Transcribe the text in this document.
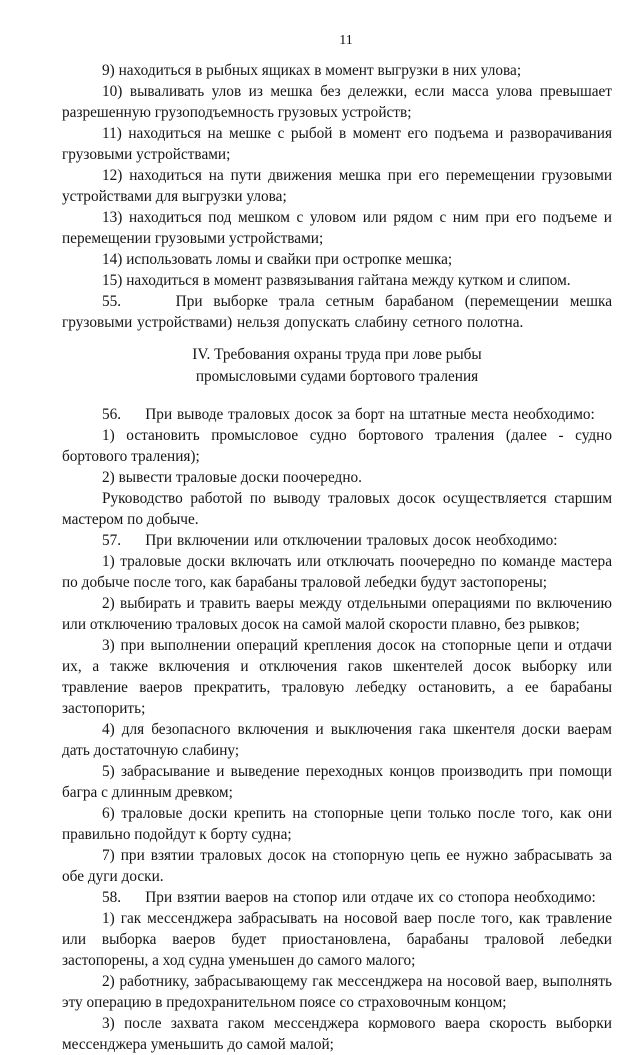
11

9) находиться в рыбных ящиках в момент выгрузки в них улова;

10) вываливать улов из мешка без дележки, если масса улова превышает разрешенную грузоподъемность грузовых устройств;

11) находиться на мешке с рыбой в момент его подъема и разворачивания грузовыми устройствами;

12) находиться на пути движения мешка при его перемещении грузовыми устройствами для выгрузки улова;

13) находиться под мешком с уловом или рядом с ним при его подъеме и перемещении грузовыми устройствами;

14) использовать ломы и свайки при остропке мешка;

15) находиться в момент развязывания гайтана между кутком и слипом.

55.     При выборке трала сетным барабаном (перемещении мешка грузовыми устройствами) нельзя допускать слабину сетного полотна.

IV. Требования охраны труда при лове рыбы
промысловыми судами бортового траления

56.     При выводе траловых досок за борт на штатные места необходимо:

1) остановить промысловое судно бортового траления (далее - судно бортового траления);

2) вывести траловые доски поочередно.

Руководство работой по выводу траловых досок осуществляется старшим мастером по добыче.

57.     При включении или отключении траловых досок необходимо:

1) траловые доски включать или отключать поочередно по команде мастера по добыче после того, как барабаны траловой лебедки будут застопорены;

2) выбирать и травить ваеры между отдельными операциями по включению или отключению траловых досок на самой малой скорости плавно, без рывков;

3) при выполнении операций крепления досок на стопорные цепи и отдачи их, а также включения и отключения гаков шкентелей досок выборку или травление ваеров прекратить, траловую лебедку остановить, а ее барабаны застопорить;

4) для безопасного включения и выключения гака шкентеля доски ваерам дать достаточную слабину;

5) забрасывание и выведение переходных концов производить при помощи багра с длинным древком;

6) траловые доски крепить на стопорные цепи только после того, как они правильно подойдут к борту судна;

7) при взятии траловых досок на стопорную цепь ее нужно забрасывать за обе дуги доски.

58.     При взятии ваеров на стопор или отдаче их со стопора необходимо:

1) гак мессенджера забрасывать на носовой ваер после того, как травление или выборка ваеров будет приостановлена, барабаны траловой лебедки застопорены, а ход судна уменьшен до самого малого;

2) работнику, забрасывающему гак мессенджера на носовой ваер, выполнять эту операцию в предохранительном поясе со страховочным концом;

3) после захвата гаком мессенджера кормового ваера скорость выборки мессенджера уменьшить до самой малой;
